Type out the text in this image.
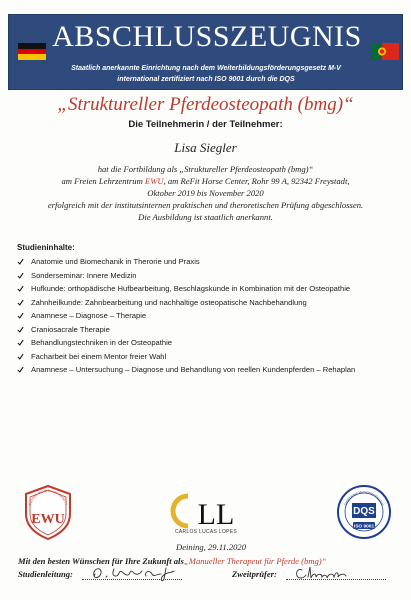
ABSCHLUSSZEUGNIS
Staatlich anerkannte Einrichtung nach dem Weiterbildungsförderungsgesetz M-V
international zertifiziert nach ISO 9001 durch die DQS
„Struktureller Pferdeosteopath (bmg)“
Die Teilnehmerin / der Teilnehmer:
Lisa Siegler
hat die Fortbildung als „Struktureller Pferdeosteopath (bmg)“
am Freien Lehrzentrum EWU, am ReFit Horse Center, Rohr 99 A, 92342 Freystadt,
Oktober 2019 bis November 2020
erfolgreich mit der institutsinternen praktischen und theroretischen Prüfung abgeschlossen.
Die Ausbildung ist staatlich anerkannt.
Studieninhalte:
Anatomie und Biomechanik in Therorie und Praxis
Sonderseminar: Innere Medizin
Hufkunde: orthopädische Hufbearbeitung, Beschlagskunde in Kombination mit der Osteopathie
Zahnheilkunde: Zahnbearbeitung und nachhaltige osteopatische Nachbehandlung
Anamnese – Diagnose – Therapie
Craniosacrale Therapie
Behandlungstechniken in der Osteopathie
Facharbeit bei einem Mentor freier Wahl
Anamnese – Untersuchung – Diagnose und Behandlung von reellen Kundenpferden – Rehaplan
EQUINE WORLD UNIVERSITY
EWU	LL
CARLOS LUCAS LOPES
Zertifiziertes Managementsystem
DQS
ISO 9001
Deining, 29.11.2020
Mit den besten Wünschen für Ihre Zukunft als „Manueller Therapeut für Pferde (bmg)“
Studienleitung:	Zweitprüfer:
